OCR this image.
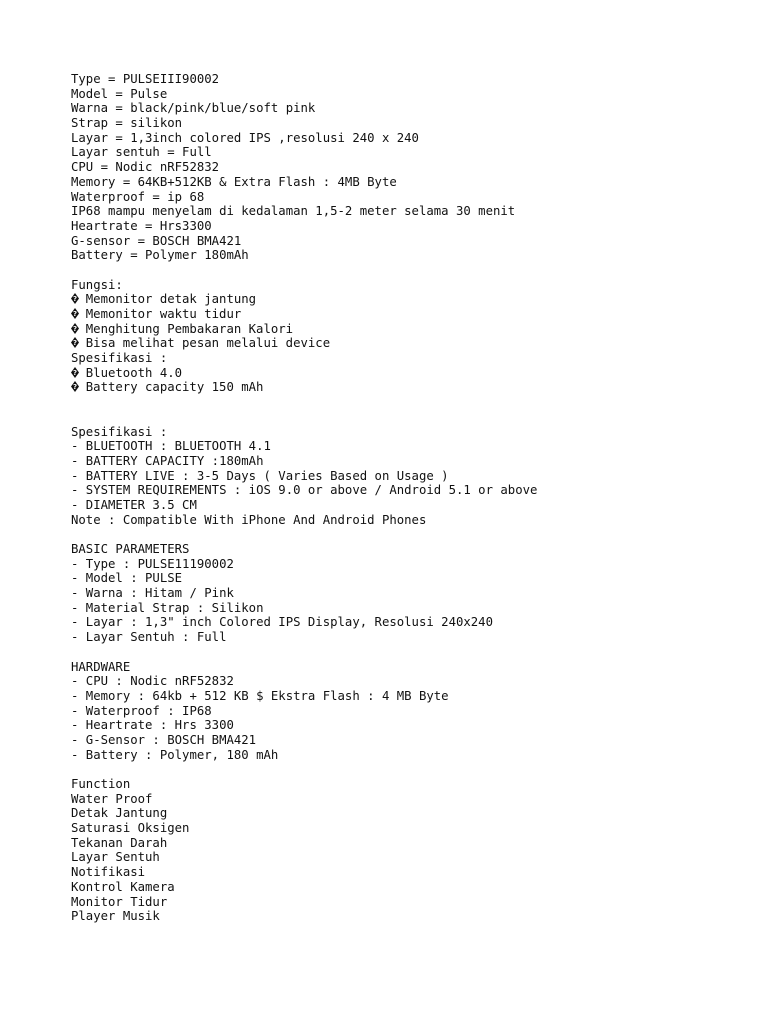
Type = PULSEIII90002
Model = Pulse
Warna = black/pink/blue/soft pink
Strap = silikon
Layar = 1,3inch colored IPS ,resolusi 240 x 240
Layar sentuh = Full
CPU = Nodic nRF52832
Memory = 64KB+512KB & Extra Flash : 4MB Byte
Waterproof = ip 68
IP68 mampu menyelam di kedalaman 1,5-2 meter selama 30 menit
Heartrate = Hrs3300
G-sensor = BOSCH BMA421
Battery = Polymer 180mAh
Fungsi:
? Memonitor detak jantung
? Memonitor waktu tidur
? Menghitung Pembakaran Kalori
? Bisa melihat pesan melalui device
Spesifikasi :
? Bluetooth 4.0
? Battery capacity 150 mAh
Spesifikasi :
- BLUETOOTH : BLUETOOTH 4.1
- BATTERY CAPACITY :180mAh
- BATTERY LIVE : 3-5 Days ( Varies Based on Usage )
- SYSTEM REQUIREMENTS : iOS 9.0 or above / Android 5.1 or above
- DIAMETER 3.5 CM
Note : Compatible With iPhone And Android Phones
BASIC PARAMETERS
- Type : PULSE11190002
- Model : PULSE
- Warna : Hitam / Pink
- Material Strap : Silikon
- Layar : 1,3" inch Colored IPS Display, Resolusi 240x240
- Layar Sentuh : Full
HARDWARE
- CPU : Nodic nRF52832
- Memory : 64kb + 512 KB $ Ekstra Flash : 4 MB Byte
- Waterproof : IP68
- Heartrate : Hrs 3300
- G-Sensor : BOSCH BMA421
- Battery : Polymer, 180 mAh
Function
Water Proof
Detak Jantung
Saturasi Oksigen
Tekanan Darah
Layar Sentuh
Notifikasi
Kontrol Kamera
Monitor Tidur
Player Musik
